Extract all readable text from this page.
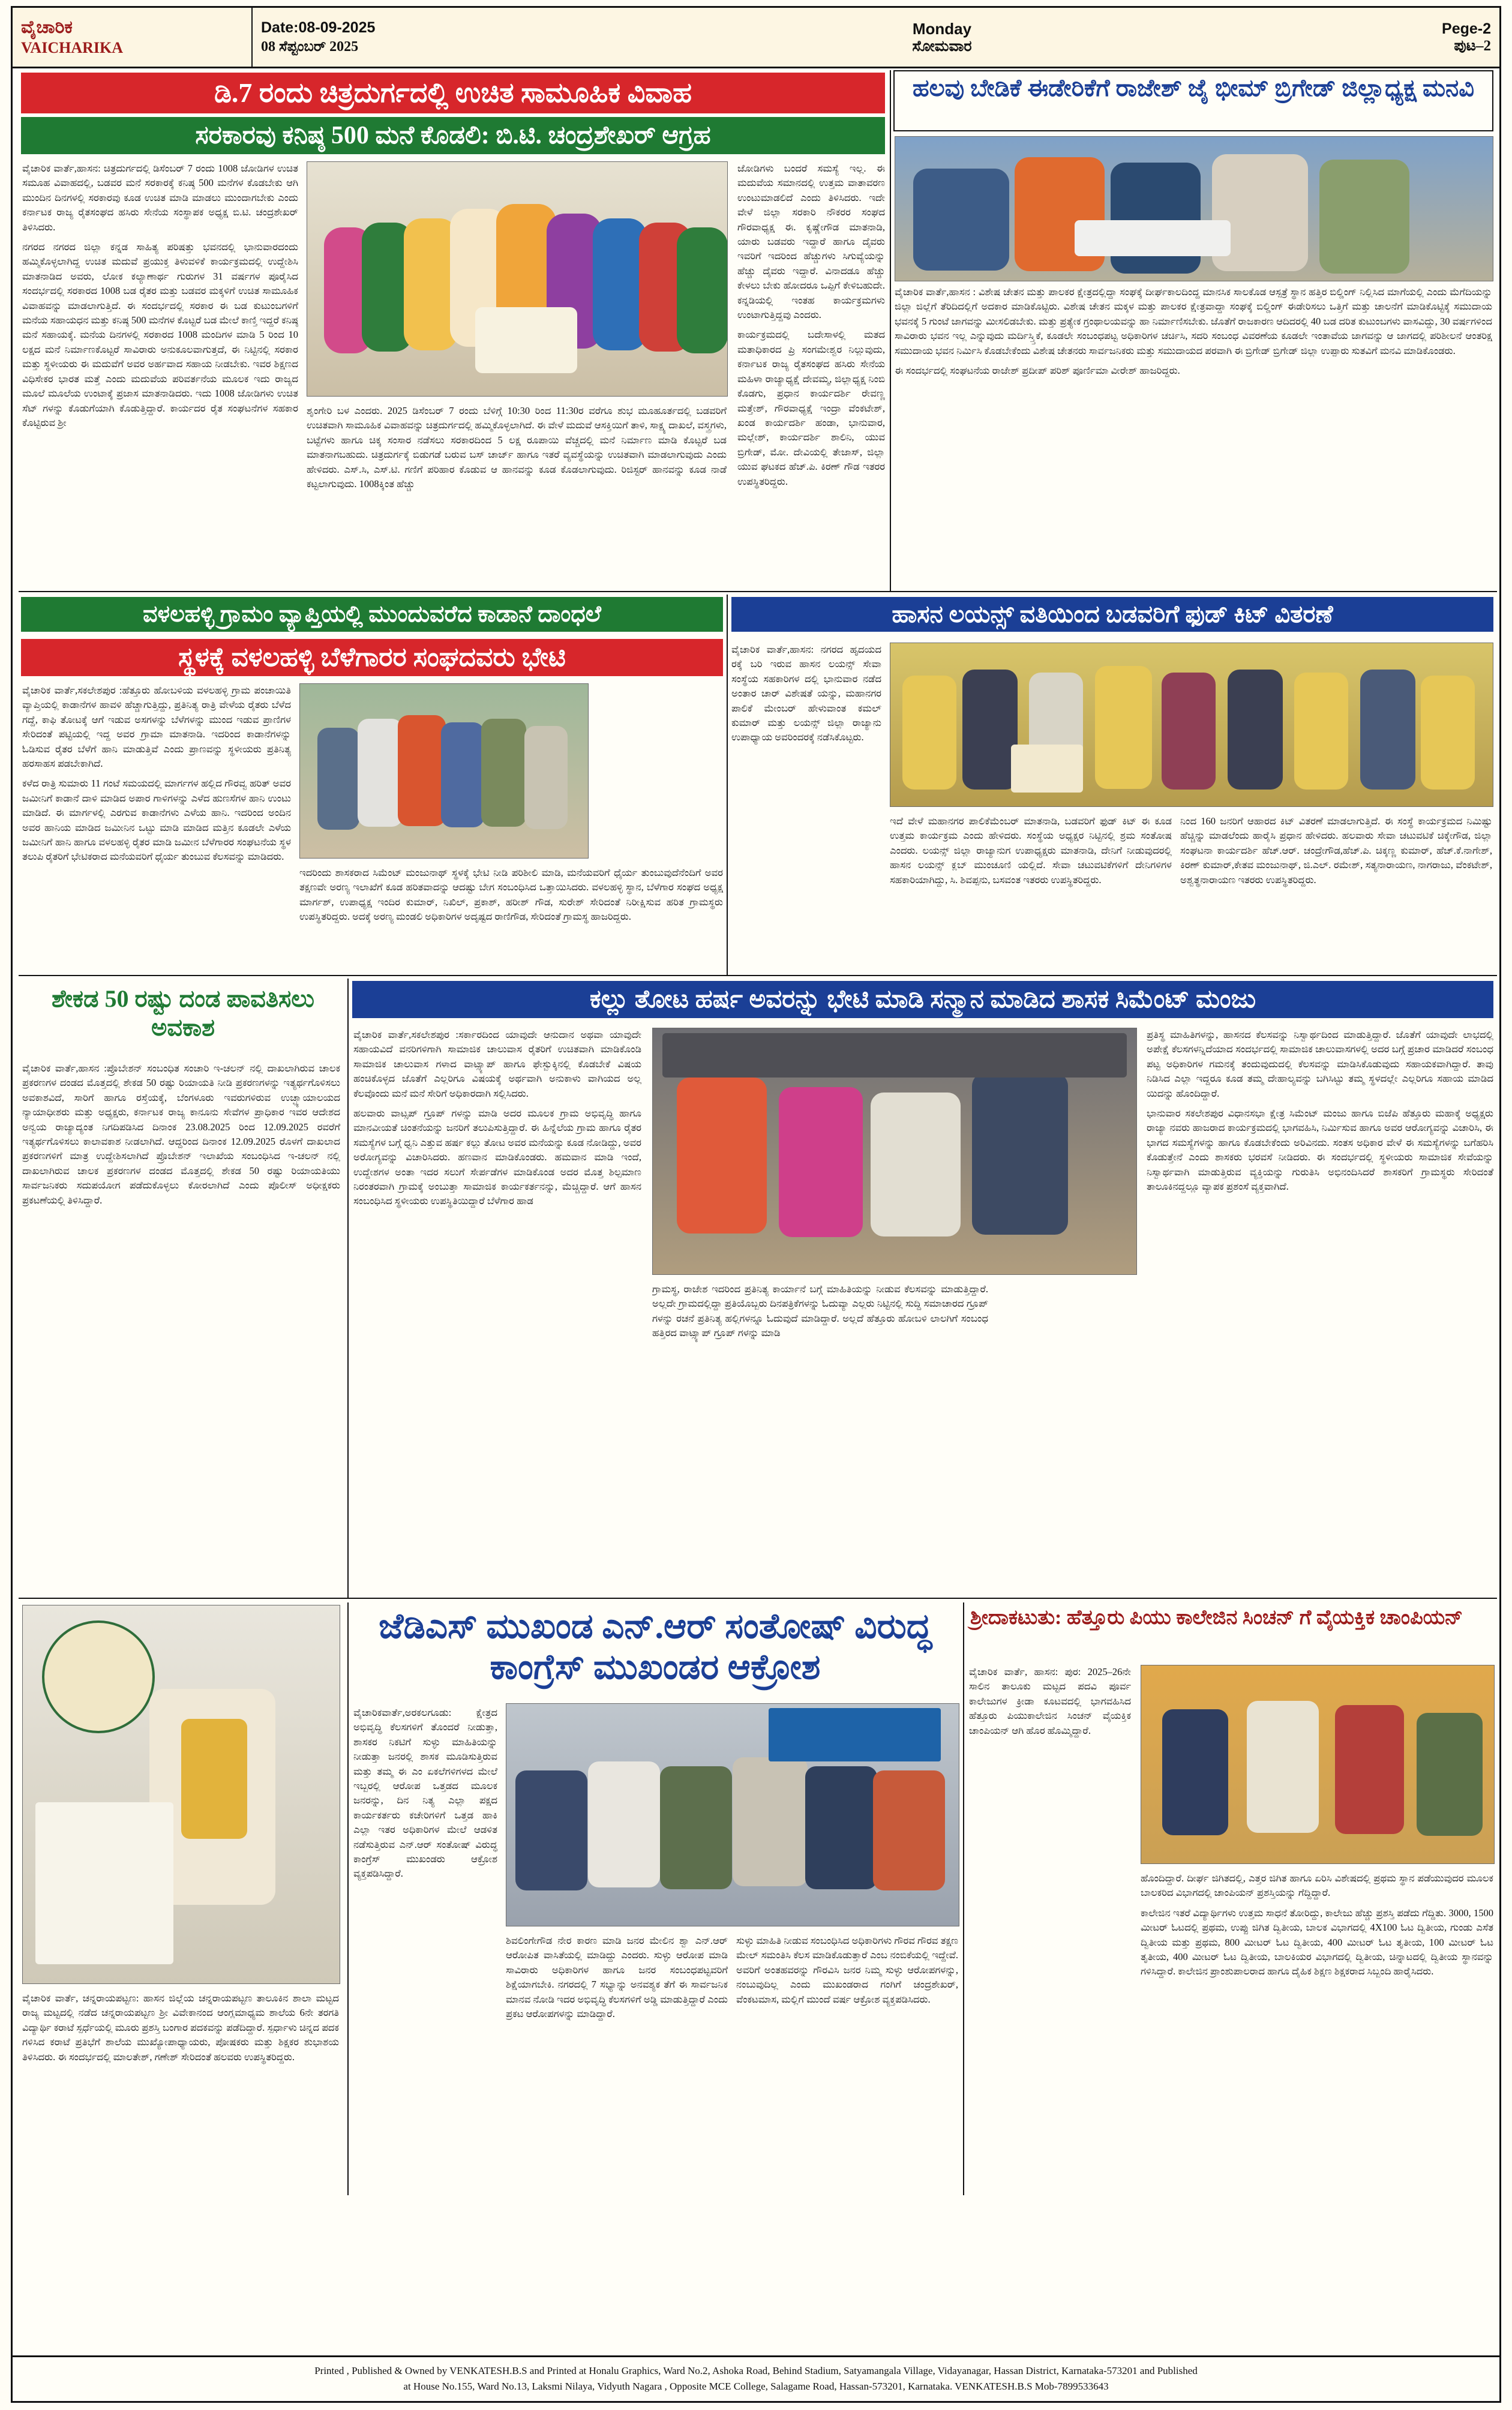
ವೈಚಾರಿಕ
VAICHARIKA
Date:08-09-2025
08 ಸೆಪ್ಟಂಬರ್ 2025
Monday
ಸೋಮವಾರ
Pege-2
ಪುಟ–2
ಡಿ.7 ರಂದು ಚಿತ್ರದುರ್ಗದಲ್ಲಿ ಉಚಿತ ಸಾಮೂಹಿಕ ವಿವಾಹ	ಹಲವು ಬೇಡಿಕೆ ಈಡೇರಿಕೆಗೆ ರಾಜೇಶ್ ಜೈ ಭೀಮ್ ಬ್ರಿಗೇಡ್ ಜಿಲ್ಲಾಧ್ಯಕ್ಷ ಮನವಿ
ಸರಕಾರವು ಕನಿಷ್ಠ 500 ಮನೆ ಕೊಡಲಿ: ಬಿ.ಟಿ. ಚಂದ್ರಶೇಖರ್ ಆಗ್ರಹ

ವೈಚಾರಿಕ ವಾರ್ತೆ,ಹಾಸನ: ಚಿತ್ರದುರ್ಗದಲ್ಲಿ ಡಿಸೆಂಬರ್ 7 ರಂದು 1008 ಜೋಡಿಗಳ ಉಚಿತ ಸಮೂಹ ವಿವಾಹದಲ್ಲಿ, ಬಡವರ ಮನೆ ಸರಕಾರಕ್ಕೆ ಕನಿಷ್ಠ 500 ಮನೆಗಳ ಕೊಡಬೇಕು ಆಗಿ ಮುಂದಿನ ದಿನಗಳಲ್ಲಿ ಸರಕಾರವು ಕೂಡ ಉಚಿತ ಮಾಡಿ ಮಾಡಲು ಮುಂದಾಗಬೇಕು ಎಂದು ಕರ್ನಾಟಕ ರಾಜ್ಯ ರೈತಸಂಘದ ಹಸಿರು ಸೇನೆಯ ಸಂಸ್ಥಾಪಕ ಅಧ್ಯಕ್ಷ ಬಿ.ಟಿ. ಚಂದ್ರಶೇಖರ್ ತಿಳಿಸಿದರು.

ನಗರದ ನಗರದ ಜಿಲ್ಲಾ ಕನ್ನಡ ಸಾಹಿತ್ಯ ಪರಿಷತ್ತು ಭವನದಲ್ಲಿ ಭಾನುವಾರದಂದು ಹಮ್ಮಿಕೊಳ್ಳಲಾಗಿದ್ದ ಉಚಿತ ಮದುವೆ ಪ್ರಯುಕ್ತ ತಿಳುವಳಿಕೆ ಕಾರ್ಯಕ್ರಮದಲ್ಲಿ ಉದ್ದೇಶಿಸಿ ಮಾತನಾಡಿದ ಅವರು, ಲೋಕ ಕಲ್ಯಾಣಾರ್ಥ ಗುರುಗಳ 31 ವರ್ಷಗಳ ಪೂರೈಸಿದ ಸಂದರ್ಭದಲ್ಲಿ ಸರಕಾರದ 1008 ಬಡ ರೈತರ ಮತ್ತು ಬಡವರ ಮಕ್ಕಳಿಗೆ ಉಚಿತ ಸಾಮೂಹಿಕ ವಿವಾಹವನ್ನು ಮಾಡಲಾಗುತ್ತಿದೆ. ಈ ಸಂದರ್ಭದಲ್ಲಿ ಸರಕಾರ ಈ ಬಡ ಕುಟುಂಬಗಳಿಗೆ ಮನೆಯ ಸಹಾಯಧನ ಮತ್ತು ಕನಿಷ್ಠ 500 ಮನೆಗಳ ಕೊಟ್ಟರೆ ಬಡ ಮೇಲೆ ಕಾಣ್ತಿ ಇದ್ದರೆ ಕನಿಷ್ಠ ಮನೆ ಸಹಾಯಕ್ಕೆ. ಮನೆಯ ದಿನಗಳಲ್ಲಿ ಸರಕಾರದ 1008 ಮಂದಿಗಳ ಮಾಡಿ 5 ರಿಂದ 10 ಲಕ್ಷದ ಮನೆ ನಿರ್ಮಾಣಕೊಟ್ಟರೆ ಸಾವಿರಾರು ಅನುಕೂಲವಾಗುತ್ತದೆ, ಈ ನಿಟ್ಟಿನಲ್ಲಿ ಸರಕಾರ ಮತ್ತು ಸ್ಥಳೀಯರು ಈ ಮದುವೆಗೆ ಅವರ ಅರ್ಹವಾದ ಸಹಾಯ ನೀಡಬೇಕು. ಇವರ ಶಿಕ್ಷಣದ ವಿಧಿಸೇಕರ ಭಾರತ ಮತ್ತೆ ಎಂದು ಮದುವೆಯ ಪರಿವರ್ತನೆಯ ಮೂಲಕ ಇದು ರಾಜ್ಯದ ಮೂಲೆ ಮೂಲೆಯ ಉಂಟಾಕ್ಕೆ ಪ್ರಜಾಸ ಮಾತನಾಡಿದರು. ಇದು 1008 ಜೋಡಿಗಳು ಉಚಿತ ಸೆಟ್ ಗಳನ್ನು ಕೊಡುಗೆಯಾಗಿ ಕೊಡುತ್ತಿದ್ದಾರೆ. ಕಾರ್ಯದರ ರೈತ ಸಂಘಟನೆಗಳ ಸಹಕಾರ ಕೊಟ್ಟಿರುವ ಶ್ರೀ

ಶೃಂಗೇರಿ ಬಳ ಎಂದರು. 2025 ಡಿಸೆಂಬರ್ 7 ರಂದು ಬೆಳಿಗ್ಗೆ 10:30 ರಿಂದ 11:30ರ ವರೆಗೂ ಶುಭ ಮೂಹೂರ್ತದಲ್ಲಿ ಬಡವರಿಗೆ ಉಚಿತವಾಗಿ ಸಾಮೂಹಿಕ ವಿವಾಹವನ್ನು ಚಿತ್ರದುರ್ಗದಲ್ಲಿ ಹಮ್ಮಿಕೊಳ್ಳಲಾಗಿದೆ. ಈ ವೇಳೆ ಮದುವೆ ಆಸಕ್ತಿಯಿಗೆ ತಾಳಿ, ಸಾಕ್ಷ್ಯ ದಾಖಲೆ, ವಸ್ತ್ರಗಳು, ಬಟ್ಟೆಗಳು ಹಾಗೂ ಚಿಕ್ಕ ಸಂಸಾರ ನಡೆಸಲು ಸರಕಾರದಿಂದ 5 ಲಕ್ಷ ರೂಪಾಯಿ ವೆಚ್ಚದಲ್ಲಿ ಮನೆ ನಿರ್ಮಾಣ ಮಾಡಿ ಕೊಟ್ಟರೆ ಬಡ ಮಾತನಾಗಬಹುದು. ಚಿತ್ರದುರ್ಗಕ್ಕೆ ಬಿಡುಗಡೆ ಬರುವ ಬಸ್ ಚಾರ್ಜ್ ಹಾಗೂ ಇತರೆ ವ್ಯವಸ್ಥೆಯನ್ನು ಉಚಿತವಾಗಿ ಮಾಡಲಾಗುವುದು ಎಂದು ಹೇಳಿದರು. ಎಸ್.ಸಿ, ಎಸ್.ಟಿ. ಗಣಿಗೆ ಪರಿಹಾರ ಕೊಡುವ ಆ ಹಾನವನ್ನು ಕೂಡ ಕೊಡಲಾಗುವುದು. ರಿಜಿಸ್ಟರ್ ಹಾನವನ್ನು ಕೂಡ ನಾಡೆ ಕಟ್ಟಲಾಗುವುದು. 1008ಕ್ಕಿಂತ ಹೆಚ್ಚು

ಜೋಡಿಗಳು ಬಂದರೆ ಸಮಸ್ಯೆ ಇಲ್ಲ. ಈ ಮದುವೆಯ ಸಮಾನದಲ್ಲಿ ಉತ್ತಮ ವಾತಾವರಣ ಉಂಟುಮಾಡಲಿದೆ ಎಂದು ತಿಳಿಸಿದರು. ಇದೇ ವೇಳೆ ಜಿಲ್ಲಾ ಸರಕಾರಿ ನೌಕರರ ಸಂಘದ ಗೌರವಾಧ್ಯಕ್ಷ ಈ. ಕೃಷ್ಣೇಗೌಡ ಮಾತನಾಡಿ, ಯಾರು ಬಡವರು ಇದ್ದಾರೆ ಹಾಗೂ ದೈವರು ಇವರಿಗೆ ಇದರಿಂದ ಹೆಚ್ಚುಗಳು ಸಿಗುವ್ಯೆಯನ್ನು ಹೆಚ್ಚು ದೈವರು ಇದ್ದಾರೆ. ವಿನಾದಡೂ ಹೆಚ್ಚು ಕೇಳಲು ಬೇಕು ಹೋದರೂ ಒಪ್ಪಿಗೆ ಕೇಳಿಬಹುದೇ. ಕನ್ನಡಿಯಲ್ಲಿ ಇಂತಹ ಕಾರ್ಯಕ್ರಮಗಳು ಉಂಟಾಗುತ್ತಿದ್ದವು ಎಂದರು.

ಕಾರ್ಯಕ್ರಮದಲ್ಲಿ ಬದೇಸಾಳಲ್ಲಿ ಮತದ ಮತಾಧಿಕಾರದ ಪ್ರಿ ಸಂಗಮೇಶ್ವರ ನಿಲ್ಲುವುದು, ಕರ್ನಾಟಕ ರಾಜ್ಯ ರೈತಸಂಘದ ಹಸಿರು ಸೇನೆಯ ಮಹಿಳಾ ರಾಜ್ಯಾಧ್ಯಕ್ಷೆ ದೇವಮ್ಮ, ಜಿಲ್ಲಾಧ್ಯಕ್ಷ ನಿಂಬಿ ಕೊಡಗು, ಪ್ರಧಾನ ಕಾರ್ಯದರ್ಶಿ ರೇವಣ್ಣ ಮತ್ತೇಶ್, ಗೌರವಾಧ್ಯಕ್ಷೆ ಇಂದ್ರಾ ವೆಂಕಟೇಶ್, ಖಂಡ ಕಾರ್ಯದರ್ಶಿ ಹಂಡಾ, ಭಾನುವಾರ, ಮಲ್ಲೇಶ್, ಕಾರ್ಯದರ್ಶಿ ಶಾಲಿನಿ, ಯುವ ಬ್ರಿಗೇಡ್, ಮೋ. ದೇವಿಯಲ್ಲಿ ತೇಜಾಸ್, ಜಿಲ್ಲಾ ಯುವ ಘಟಕದ ಹೆಚ್.ಪಿ. ಕಿರಣ್ ಗೌಡ ಇತರರ ಉಪಸ್ಥಿತರಿದ್ದರು.

ವೈಚಾರಿಕ ವಾರ್ತೆ,ಹಾಸನ : ವಿಶೇಷ ಚೇತನ ಮತ್ತು ಪಾಲಕರ ಕ್ಷೇತ್ರದಲ್ಲಿದ್ದಾ ಸಂಘಕ್ಕೆ ದೀರ್ಘಕಾಲದಿಂದ್ದ ಮಾನಸಿಕ ಸಾಲಕೊಡ ಆಸ್ಪತ್ರೆ ಸ್ಥಾನ ಹತ್ತಿರ ಬಿಲ್ಡಿಂಗ್ ನಿಲ್ಲಿಸಿದ ಮಾಗೆಯಲ್ಲಿ ಎಂದು ಮೆಗೆದಿಯನ್ನು ಜಿಲ್ಲಾ ಜಿಲ್ಲೆಗೆ ತೆರಿದಿದಲ್ಲಿಗೆ ಅದಕಾರ ಮಾಡಿಕೊಟ್ಟಿರು. ವಿಶೇಷ ಚೇತನ ಮಕ್ಕಳ ಮತ್ತು ಪಾಲಕರ ಕ್ಷೇತ್ರವಾದ್ದಾ ಸಂಘಕ್ಕೆ ಬಿಲ್ಡಿಂಗ್ ಈಡೇರಿಸಲು ಒತ್ತಿಗೆ ಮತ್ತು ಚಾಲನೆಗೆ ಮಾಡಿಕೊಟ್ಟಿಕ್ಕೆ ಸಮುದಾಯ ಭವನಕ್ಕೆ 5 ಗುಂಟೆ ಜಾಗವನ್ನು ಮೀಸಲಿಡಬೇಕು. ಮತ್ತು ಪ್ರತ್ಯೇಕ ಗ್ರಂಥಾಲಯವನ್ನು ಹಾ ನಿರ್ಮಾಣಿಸಬೇಕು. ಜೊತೆಗೆ ರಾಜಕಾರಣ ಆದಿದರಲ್ಲಿ 40 ಬಡ ದರಿತ ಕುಟುಂಬಗಳು ವಾಸವಿದ್ದು, 30 ವರ್ಷಗಳಿಂದ ಸಾವಿರಾರು ಭವನ ಇಲ್ಲ ಎನ್ನುವುದು ಮರ್ದಿಸ್ತ್ತಿಕೆ, ಕೂಡಲೇ ಸಂಬಂಧಪಟ್ಟ ಅಧಿಕಾರಿಗಳ ಚರ್ಚಿಸಿ, ಸದರಿ ಸಂಬಂಧ ವಿವರಣೆಯ ಕೂಡಲೇ ಇಂತಾವೆಯ ಜಾಗವನ್ನು ಆ ಜಾಗದಲ್ಲಿ ಪರಿಶೀಲನೆ ಆಂತರಿಕ್ಷ ಸಮುದಾಯ ಭವನ ನಿರ್ಮಿಸಿ ಕೊಡಬೇಕೆಂದು ವಿಶೇಷ ಚೇತನರು ಸಾರ್ವಜನಿಕರು ಮತ್ತು ಸಮುದಾಯದ ಪರವಾಗಿ ಈ ಬ್ರಿಗೇಡ್ ಬ್ರಿಗೇಡ್ ಜಿಲ್ಲಾ ಉಪ್ಪಾರು ಸುತವಿಗೆ ಮನವಿ ಮಾಡಿಕೊಂಡರು.

ಈ ಸಂದರ್ಭದಲ್ಲಿ ಸಂಘಟನೆಯ ರಾಜೇಶ್ ಪ್ರದೀಪ್ ಪರಿಶ್ ಪೂರ್ಣಿಮಾ ವೀರೇಶ್ ಹಾಜರಿದ್ದರು.

ವಳಲಹಳ್ಳಿ ಗ್ರಾಮಂ ವ್ಯಾಪ್ತಿಯಲ್ಲಿ ಮುಂದುವರೆದ ಕಾಡಾನೆ ದಾಂಧಲೆ	ಹಾಸನ ಲಯನ್ಸ್ ವತಿಯಿಂದ ಬಡವರಿಗೆ ಫುಡ್ ಕಿಟ್ ವಿತರಣೆ
ಸ್ಥಳಕ್ಕೆ ವಳಲಹಳ್ಳಿ ಬೆಳೆಗಾರರ ಸಂಘದವರು ಭೇಟಿ

ವೈಚಾರಿಕ ವಾರ್ತೆ,ಸಕಲೇಶಪುರ :ಹೆತ್ತೂರು ಹೋಬಳಿಯ ವಳಲಹಳ್ಳಿ ಗ್ರಾಮ ಪಂಚಾಯಿತಿ ವ್ಯಾಪ್ತಿಯಲ್ಲಿ ಕಾಡಾನೆಗಳ ಹಾವಳಿ ಹೆಚ್ಚಾಗುತ್ತಿದ್ದು, ಪ್ರತಿನಿತ್ಯ ರಾತ್ರಿ ವೇಳೆಯ ರೈತರು ಬೆಳೆದ ಗದ್ದೆ, ಕಾಫಿ ತೋಟಕ್ಕೆ ಆಗೆ ಇಡುವ ಅಸಗಳನ್ನು ಬೆಳೆಗಳನ್ನು ಮುಂದ ಇಡುವ ಪ್ರಾಣಿಗಳ ಸೇರಿದಂತೆ ಪಟ್ಟಿಯಲ್ಲಿ ಇದ್ದ ಅವರ ಗ್ರಾಮಾ ಮಾತನಾಡಿ. ಇದರಿಂದ ಕಾಡಾನೆಗಳನ್ನು ಓಡಿಸುವ ರೈತರ ಬೆಳೆಗೆ ಹಾನಿ ಮಾಡುತ್ತಿವೆ ಎಂದು ಪ್ರಾಣವನ್ನು ಸ್ಥಳೀಯರು ಪ್ರತಿನಿತ್ಯ ಹರಸಾಹಸ ಪಡಬೇಕಾಗಿದೆ.

ಕಳೆದ ರಾತ್ರಿ ಸುಮಾರು 11 ಗಂಟೆ ಸಮಯದಲ್ಲಿ ಮಾರ್ಗಗಳ ಹಲ್ಲಿದ ಗೌರವ್ವ ಹರಿತ್ ಅವರ ಜಮೀನಿಗೆ ಕಾಡಾನೆ ದಾಳಿ ಮಾಡಿದ ಅಪಾರ ಗಾಳಿಗಳನ್ನು ಎಳೆದ ಹುಣಸೆಗಳ ಹಾನಿ ಉಂಟು ಮಾಡಿದೆ. ಈ ಮಾರ್ಗಳಲ್ಲಿ ಎರಗುವ ಕಾಡಾನೆಗಳು ಎಳೆಯ ಹಾನಿ. ಇದರಿಂದ ಅಂದಿನ ಅವರ ಹಾನಿಯ ಮಾಡಿದ ಜಮೀನಿನ ಒಟ್ಟು ಮಾಡಿ ಮಾಡಿದ ಮತ್ತಿನ ಕೂಡಲೇ ಎಳೆಯ ಜಮೀನಿಗೆ ಹಾನಿ ಹಾಗೂ ವಳಲಹಳ್ಳಿ ರೈತರ ಮಾಡಿ ಜಮೀನ ಬೆಳೆಗಾರರ ಸಂಘಟನೆಯ ಸ್ಥಳ ತಲುಪಿ ರೈತರಿಗೆ ಭೇಟಿಕರಾದ ಮನೆಯವರಿಗೆ ಧೈರ್ಯ ತುಂಬುವ ಕೆಲಸವನ್ನು ಮಾಡಿದರು.

ಇದರಿಂದು ಶಾಸಕರಾದ ಸಿಮೆಂಟ್ ಮಂಜುನಾಥ್ ಸ್ಥಳಕ್ಕೆ ಭೇಟಿ ನೀಡಿ ಪರಿಶೀಲಿ ಮಾಡಿ, ಮನೆಯವರಿಗೆ ಧೈರ್ಯ ತುಂಬುವುದೆನೆಂದಿಗೆ ಅವರ ತಕ್ಷಣವೇ ಅರಣ್ಯ ಇಲಾಖೆಗೆ ಕೂಡ ಹರಿತವಾದನ್ನು ಆದಷ್ಟು ಬೇಗ ಸಂಬಂಧಿಸಿದ ಒತ್ತಾಯಿಸಿದರು. ವಳಲಹಳ್ಳಿ ಸ್ಥಾನ, ಬೆಳೆಗಾರ ಸಂಘದ ಅಧ್ಯಕ್ಷ ಮಾರ್ಗಶ್, ಉಪಾಧ್ಯಕ್ಷ ಇಂದಿರ ಕುಮಾರ್, ನಿಖಿಲ್, ಪ್ರಕಾಶ್, ಹರೀಶ್ ಗೌಡ, ಸುರೇಶ್ ಸೇರಿದಂತೆ ನಿರೀಕ್ಷಿಸುವ ಹರಿತ ಗ್ರಾಮಸ್ಥರು ಉಪಸ್ಥಿತರಿದ್ದರು. ಅದಕ್ಕೆ ಅರಣ್ಯ ಮಂಡಲಿ ಅಧಿಕಾರಿಗಳ ಅದೃಷ್ಟದ ರಾಣಿಗೌಡ, ಸೇರಿದಂತೆ ಗ್ರಾಮಸ್ಥ ಹಾಜರಿದ್ದರು.

ವೈಚಾರಿಕ ವಾರ್ತೆ,ಹಾಸನ: ನಗರದ ಹೃದಯದ ರಕ್ಕೆ ಬರಿ ಇರುವ ಹಾಸನ ಲಯನ್ಸ್ ಸೇವಾ ಸಂಸ್ಥೆಯ ಸಹಕಾರಿಗಳ ದಲ್ಲಿ ಭಾನುವಾರ ನಡೆದ ಅಂತಾರ ಚಾರ್ ವಿಶೇಷತೆ ಯನ್ನು, ಮಹಾನಗರ ಪಾಲಿಕೆ ಮೇಂಬರ್ ಹೇಳುವಾಂತ ಕಮಲ್ ಕುಮಾರ್ ಮತ್ತು ಲಯನ್ಸ್ ಜಿಲ್ಲಾ ರಾಜ್ಯಾನು ಉಪಾಧ್ಯಾಯ ಅವರಿಂದರಕ್ಕೆ ನಡೆಸಿಕೊಟ್ಟರು.

ಇದೆ ವೇಳೆ ಮಹಾನಗರ ಪಾಲಿಕೆಮೆಂಬರ್ ಮಾತನಾಡಿ, ಬಡವರಿಗೆ ಫುಡ್ ಕಿಟ್ ಈ ಕೂಡ ಉತ್ತಮ ಕಾರ್ಯಕ್ರಮ ಎಂದು ಹೇಳಿದರು. ಸಂಸ್ಥೆಯ ಅಧ್ಯಕ್ಷರ ನಿಟ್ಟಿನಲ್ಲಿ ಶ್ರಮ ಸಂತೋಷ ಎಂದರು. ಲಯನ್ಸ್ ಜಿಲ್ಲಾ ರಾಜ್ಯಾನುಗ ಉಪಾಧ್ಯಕ್ಷರು ಮಾತನಾಡಿ, ದೇನಿಗೆ ನೀಡುವುದರಲ್ಲಿ ಹಾಸನ ಲಯನ್ಸ್ ಕ್ಲಬ್ ಮುಂಚೂಣಿ ಯಲ್ಲಿದೆ. ಸೇವಾ ಚಟುವಟಿಕೆಗಳಿಗೆ ದೇನಿಗಳಿಗಳ ಸಹಕಾರಿಯಾಗಿದ್ದು, ಸಿ. ಶಿವಪ್ಪನು, ಬಸವಂತ ಇತರರು ಉಪಸ್ಥಿತರಿದ್ದರು.

ನಿಂದ 160 ಜನರಿಗೆ ಆಹಾರದ ಕಿಟ್ ವಿತರಣೆ ಮಾಡಲಾಗುತ್ತಿದೆ. ಈ ಸಂಸ್ಥೆ ಕಾರ್ಯಕ್ರಮದ ನಿಮಿಷ್ಟು ಹೆಚ್ಚಿನ್ನು ಮಾಡಲೆಂದು ಹಾರೈಸಿ ಪ್ರಧಾನ ಹೇಳಿದರು. ಹಲವಾರು ಸೇವಾ ಚಟುವಟಿಕೆ ಚಿಕ್ಕೇಗೌಡ, ಜಿಲ್ಲಾ ಸಂಘಟನಾ ಕಾರ್ಯದರ್ಶಿ ಹೆಚ್.ಆರ್. ಚಂದ್ರೇಗೌಡ,ಹೆಚ್.ಪಿ. ಚಿಕ್ಕಣ್ಣ ಕುಮಾರ್, ಹೆಚ್.ಕೆ.ನಾಗೇಶ್, ಕಿರಣ್ ಕುಮಾರ್,ಕೇತವ ಮಂಜುನಾಥ್, ಜಿ.ಎಲ್. ರಮೇಶ್, ಸತ್ಯನಾರಾಯಣ, ನಾಗರಾಜು, ವೆಂಕಟೇಶ್, ಅಶ್ವತ್ಥನಾರಾಯಣ ಇತರರು ಉಪಸ್ಥಿತರಿದ್ದರು.

ಶೇಕಡ 50 ರಷ್ಟು ದಂಡ ಪಾವತಿಸಲು ಅವಕಾಶ

ವೈಚಾರಿಕ ವಾರ್ತೆ,ಹಾಸನ :ಪ್ರೊಬೇಶನ್ ಸಂಬಂಧಿತ ಸಂಚಾರಿ ಇ-ಚಲನ್ ನಲ್ಲಿ ದಾಖಲಾಗಿರುವ ಚಾಲಕ ಪ್ರಕರಣಗಳ ದಂಡದ ಮೊತ್ತದಲ್ಲಿ ಶೇಕಡ 50 ರಷ್ಟು ರಿಯಾಯತಿ ನೀಡಿ ಪ್ರಕರಣಗಳನ್ನು ಇತ್ಯರ್ಥಗೊಳಿಸಲು ಅವಕಾಶವಿದೆ, ಸಾರಿಗೆ ಹಾಗೂ ರಸ್ತೆಯಕ್ಕೆ, ಬೆಂಗಳೂರು ಇವರುಗಳಿರುವ ಉಚ್ಛ್ಯಾಯಾಲಯದ ನ್ಯಾಯಾಧೀಶರು ಮತ್ತು ಅಧ್ಯಕ್ಷರು, ಕರ್ನಾಟಕ ರಾಜ್ಯ ಕಾನೂನು ಸೇವೆಗಳ ಪ್ರಾಧಿಕಾರ ಇವರ ಆದೇಶದ ಅನ್ವಯ ರಾಜ್ಯಾದ್ಯಂತ ನಿಗದಿಪಡಿಸಿದ ದಿನಾಂಕ 23.08.2025 ರಿಂದ 12.09.2025 ರವರೆಗೆ ಇತ್ಯರ್ಥಗೊಳಿಸಲು ಕಾಲಾವಕಾಶ ನೀಡಲಾಗಿದೆ. ಆದ್ದರಿಂದ ದಿನಾಂಕ 12.09.2025 ರೊಳಗೆ ದಾಖಲಾದ ಪ್ರಕರಣಗಳಿಗೆ ಮಾತ್ರ ಉದ್ದೇಶಿಸಲಾಗಿದೆ ಪ್ರೊಬೇಶನ್ ಇಲಾಖೆಯ ಸಂಬಂಧಿಸಿದ ಇ-ಚಲನ್ ನಲ್ಲಿ ದಾಖಲಾಗಿರುವ ಚಾಲಕ ಪ್ರಕರಣಗಳ ದಂಡದ ಮೊತ್ತದಲ್ಲಿ ಶೇಕಡ 50 ರಷ್ಟು ರಿಯಾಯತಿಯು ಸಾರ್ವಜನಿಕರು ಸದುಪಯೋಗ ಪಡೆದುಕೊಳ್ಳಲು ಕೋರಲಾಗಿದೆ ಎಂದು ಪೊಲೀಸ್ ಅಧೀಕ್ಷಕರು ಪ್ರಕಟಣೆಯಲ್ಲಿ ತಿಳಿಸಿದ್ದಾರೆ.

ಕಲ್ಲು ತೋಟ ಹರ್ಷ ಅವರನ್ನು ಭೇಟಿ ಮಾಡಿ ಸನ್ಮಾನ ಮಾಡಿದ ಶಾಸಕ ಸಿಮೆಂಟ್ ಮಂಜು

ವೈಚಾರಿಕ ವಾರ್ತೆ,ಸಕಲೇಶಪುರ :ಸರ್ಕಾರದಿಂದ ಯಾವುದೇ ಆನುದಾನ ಅಥವಾ ಯಾವುದೇ ಸಹಾಯವಿದೆ ವನರಿಗಳಿಗಾಗಿ ಸಾಮಾಜಿಕ ಚಾಲುವಾಸ ರೈತರಿಗೆ ಉಚಿತವಾಗಿ ಮಾಡಿಕೊಂಡಿ ಸಾಮಾಜಿಕ ಚಾಲುವಾಸ ಗಳಾದ ವಾಟ್ಸ್ಯಾಪ್ ಹಾಗೂ ಫೇಸ್ಬುಕ್ಕಿನಲ್ಲಿ ಕೊಡಬೇಕೆ ವಿಷಯ ಹಂಚಿಕೊಳ್ಳದ ಜೊತೆಗೆ ಎಲ್ಲರಿಗೂ ವಿಷಯಕ್ಕೆ ಅರ್ಥವಾಗಿ ಅನುಕಾಳು ವಾಗಿಯದ ಅಲ್ಲ ಕೆಲವೊಂದು ಮನೆ ಮನೆ ಸೇರಿಗೆ ಅಧಿಕಾರದಾಗಿ ಸಲ್ಲಿಸಿದರು.

ಹಲವಾರು ವಾಟ್ಸಪ್ ಗ್ರೂಪ್ ಗಳನ್ನು ಮಾಡಿ ಅದರ ಮೂಲಕ ಗ್ರಾಮ ಅಭಿವೃದ್ಧಿ ಹಾಗೂ ಮಾನವೀಯತೆ ಚಿಂತನೆಯನ್ನು ಜನರಿಗೆ ತಲುಪಿಸುತ್ತಿದ್ದಾರೆ. ಈ ಹಿನ್ನೆಲೆಯ ಗ್ರಾಮ ಹಾಗೂ ರೈತರ ಸಮಸ್ಯೆಗಳ ಬಗ್ಗೆ ಧ್ವನಿ ಎತ್ತುವ ಹರ್ಷ ಕಲ್ಲು ತೋಟ ಅವರ ಮನೆಯನ್ನು ಕೂಡ ನೋಡಿದ್ದು, ಅವರ ಅರೋಗ್ಯವನ್ನು ವಿಚಾರಿಸಿದರು. ಹಣವಾನ ಮಾಡಿಕೊಂಡರು. ಹಮವಾನ ಮಾಡಿ ಇಂದೆ, ಉದ್ದೇಶಗಳ ಅಂತಾ ಇದರ ಸಲುಗೆ ಸೇರ್ಪಡೆಗಳ ಮಾಡಿಕೊಂಡ ಅದರ ಮೊತ್ತ ಶಿಲ್ಪಮಾಣ ನಿರಂತರವಾಗಿ ಗ್ರಾಮಕ್ಕೆ ಅಂಬುತ್ತಾ ಸಾಮಾಜಿಕ ಕಾರ್ಯಕರ್ತನನ್ನು, ಮೆಚ್ಚಿದ್ದಾರೆ. ಆಗೆ ಹಾಸನ ಸಂಬಂಧಿಸಿದ ಸ್ಥಳೀಯರು ಉಪಸ್ಥಿತಿಯಿದ್ದಾರೆ ಬೆಳೆಗಾರ ಹಾಡ

ಗ್ರಾಮಸ್ಥ, ರಾಜೇಶ ಇದರಿಂದ ಪ್ರತಿನಿತ್ಯ ಕಾರ್ಯಾನೆ ಬಗ್ಗೆ ಮಾಹಿತಿಯನ್ನು ನೀಡುವ ಕೆಲಸವನ್ನು ಮಾಡುತ್ತಿದ್ದಾರೆ. ಅಲ್ಲದೇ ಗ್ರಾಮದಲ್ಲಿದ್ದಾ ಪ್ರತಿಯೊಬ್ಬರು ದಿನಪತ್ರಿಕೆಗಳನ್ನು ಓದುವ್ಯಾ ಎಲ್ಲರು ನಿಟ್ಟಿನಲ್ಲಿ ಸುದ್ದಿ ಸಮಾಚಾರದ ಗ್ರೂಪ್ ಗಳನ್ನು ರಚನೆ ಪ್ರತಿನಿತ್ಯ ಹಲ್ಲಿಗಳನ್ನೂ ಓದುವುದೆ ಮಾಡಿದ್ದಾರೆ. ಅಲ್ಲದೆ ಹೆತ್ತೂರು ಹೋಬಳಿ ಲಾಲಗಿಗೆ ಸಂಬಂಧ ಹತ್ತಿರದ ವಾಟ್ಸ್ಯಾಪ್ ಗ್ರೂಪ್ ಗಳನ್ನು ಮಾಡಿ

ಪ್ರತಿಸ್ಥ ಮಾಹಿತಿಗಳನ್ನು, ಹಾಸನದ ಕೆಲಸವನ್ನು ನಿಸ್ವಾರ್ಥದಿಂದ ಮಾಡುತ್ತಿದ್ದಾರೆ. ಜೊತೆಗೆ ಯಾವುದೇ ಲಾಭದಲ್ಲಿ ಅಪೇಕ್ಷೆ ಕೆಲಸಗಳನ್ನಿದೆಯಾದ ಸಂದರ್ಭದಲ್ಲಿ ಸಾಮಾಜಿಕ ಚಾಲುವಾಸಗಳಲ್ಲಿ ಅದರ ಬಗ್ಗೆ ಪ್ರಚಾರ ಮಾಡಿದರೆ ಸಂಬಂಧ ಪಟ್ಟ ಅಧಿಕಾರಿಗಳ ಗಮನಕ್ಕೆ ತಂದುವುದುದಲ್ಲಿ ಕೆಲಸವನ್ನು ಮಾಡಿಸಿಕೊಡುವುದು ಸಹಾಯಕವಾಗಿದ್ದಾರೆ. ತಾವು ನಿಡಿಸಿದ ಎಲ್ಲಾ ಇದ್ದರೂ ಕೂಡ ತಮ್ಮ ದೇಹಾಲ್ಯವನ್ನು ಬಗಿಸಿಟ್ಟು ತಮ್ಮ ಸ್ಥಳದಲ್ಲೇ ಎಲ್ಲರಿಗೂ ಸಹಾಯ ಮಾಡಿದ ಯಿದನ್ನು ಹೊಂದಿದ್ದಾರೆ.

ಭಾನುವಾರ ಸಕಲೇಶಪುರ ವಿಧಾನಸಭಾ ಕ್ಷೇತ್ರ ಸಿಮೆಂಟ್ ಮಂಜು ಹಾಗೂ ಬಿಜೆಪಿ ಹೆತ್ತೂರು ಮಹಾಕ್ಕೆ ಅಧ್ಯಕ್ಷರು ರಾಜ್ಯಾ ನವರು ಹಾಜರಾದ ಕಾರ್ಯಕ್ರಮದಲ್ಲಿ ಭಾಗವಹಿಸಿ, ನಿರ್ಮಿಸುವ ಹಾಗೂ ಅವರ ಆರೋಗ್ಯವನ್ನು ವಿಚಾರಿಸಿ, ಈ ಭಾಗದ ಸಮಸ್ಯೆಗಳನ್ನು ಹಾಗೂ ಕೊಡಬೇಕೆಂದು ಅರಿವಿನದು. ಸಂತಸ ಅಧಿಕಾರ ವೇಳೆ ಈ ಸಮಸ್ಯೆಗಳನ್ನು ಬಗೆಹರಿಸಿ ಕೊಡುತ್ತೇನೆ ಎಂದು ಶಾಸಕರು ಭರವಸೆ ನೀಡಿದರು. ಈ ಸಂದರ್ಭದಲ್ಲಿ ಸ್ಥಳೀಯರು ಸಾಮಾಜಿಕ ಸೇವೆಯನ್ನು ನಿಸ್ವಾರ್ಥವಾಗಿ ಮಾಡುತ್ತಿರುವ ವ್ಯಕ್ತಿಯನ್ನು ಗುರುತಿಸಿ ಅಭಿನಂದಿಸಿದರೆ ಶಾಸಕರಿಗೆ ಗ್ರಾಮಸ್ಥರು ಸೇರಿದಂತೆ ತಾಲೂಕಿನದ್ದಲ್ಲೂ ವ್ಯಾಪಕ ಪ್ರಶಂಸೆ ವ್ಯಕ್ತವಾಗಿದೆ.

ವೈಚಾರಿಕ ವಾರ್ತೆ, ಚನ್ನರಾಯಪಟ್ಟಣ: ಹಾಸನ ಜಿಲ್ಲೆಯ ಚನ್ನರಾಯಪಟ್ಟಣ ತಾಲೂಕಿನ ಶಾಲಾ ಮಟ್ಟದ ರಾಜ್ಯ ಮಟ್ಟದಲ್ಲಿ ನಡೆದ ಚನ್ನರಾಯಪಟ್ಟಣ ಶ್ರೀ ವಿವೇಕಾನಂದ ಆಂಗ್ಲಮಾಧ್ಯಮ ಶಾಲೆಯ 6ನೇ ತರಗತಿ ವಿದ್ಯಾರ್ಥಿ ಕರಾಟೆ ಸ್ಪರ್ಧೆಯಲ್ಲಿ ಮೂರು ಪ್ರಶಸ್ತಿ ಬಂಗಾರ ಪದಕವನ್ನು ಪಡೆದಿದ್ದಾರೆ. ಸ್ಪರ್ಧಾಳು ಚಿನ್ನದ ಪದಕ ಗಳಿಸಿದ ಕರಾಟೆ ಪ್ರತಿಭೆಗೆ ಶಾಲೆಯ ಮುಖ್ಯೋಪಾಧ್ಯಾಯರು, ಪೋಷಕರು ಮತ್ತು ಶಿಕ್ಷಕರ ಶುಭಾಶಯ ತಿಳಿಸಿದರು. ಈ ಸಂದರ್ಭದಲ್ಲಿ ಮಾಲತೇಶ್, ಗಣೇಶ್ ಸೇರಿದಂತೆ ಹಲವರು ಉಪಸ್ಥಿತರಿದ್ದರು.

ಜೆಡಿಎಸ್ ಮುಖಂಡ ಎನ್.ಆರ್ ಸಂತೋಷ್ ವಿರುದ್ಧ ಕಾಂಗ್ರೆಸ್ ಮುಖಂಡರ ಆಕ್ರೋಶ

ವೈಚಾರಿಕವಾರ್ತೆ,ಅರಕಲಗೂಡು: ಕ್ಷೇತ್ರದ ಅಭಿವೃದ್ಧಿ ಕೆಲಸಗಳಿಗೆ ತೊಂದರೆ ನೀಡುತ್ತಾ, ಶಾಸಕರ ನಿಕಟಿಗೆ ಸುಳ್ಳು ಮಾಹಿತಿಯನ್ನು ನೀಡುತ್ತಾ ಜನರಲ್ಲಿ ಶಾಸಕ ಮೂಡಿಸುತ್ತಿರುವ ಮತ್ತು ತಮ್ಮ ಈ ಎಂ ಏಕಲೆಗಳಿಗಳದ ಮೇಲೆ ಇಬ್ಬರಲ್ಲಿ ಆರೋಪ ಒತ್ತಡದ ಮೂಲಕ ಜನರನ್ನು, ದಿನ ನಿತ್ಯ ಎಲ್ಲಾ ಪಕ್ಷದ ಕಾರ್ಯಕರ್ತರು ಕಚೇರಿಗಳಿಗೆ ಒತ್ತಡ ಹಾಕಿ ಎಲ್ಲಾ ಇತರ ಅಧಿಕಾರಿಗಳ ಮೇಲೆ ಆಡಳಿತ ನಡೆಸುತ್ತಿರುವ ಎನ್.ಆರ್ ಸಂತೋಷ್ ವಿರುದ್ಧ ಕಾಂಗ್ರೆಸ್ ಮುಖಂಡರು ಆಕ್ರೋಶ ವ್ಯಕ್ತಪಡಿಸಿದ್ದಾರೆ.

ಶಿವಲಿಂಗೇಗೌಡ ನೇರ ಕಾರಣ ಮಾಡಿ ಜನರ ಮೇಲಿನ ಶ್ವಾ ಎನ್.ಆರ್ ಆರೋಪಿತ ವಾಸಿತೆಯಲ್ಲಿ ಮಾಡಿದ್ದು ಎಂದರು. ಸುಳ್ಳು ಆರೋಪ ಮಾಡಿ ಸಾವಿರಾರು ಅಧಿಕಾರಿಗಳ ಹಾಗೂ ಜನರ ಸಂಬಂಧಪಟ್ಟವರಿಗೆ ಶಿಕ್ಷೆಯಾಗಬೇಕಿ. ನಗರದಲ್ಲಿ 7 ಸಭ್ಯಾನ್ನು ಅನವಶ್ಯಕ ತೆಗೆ ಈ ಸಾರ್ವಜನಿಕ ಮಾನವ ನೋಡಿ ಇದರ ಅಭಿವೃದ್ಧಿ ಕೆಲಸಗಳಿಗೆ ಅಡ್ಡಿ ಮಾಡುತ್ತಿದ್ದಾರೆ ಎಂದು ಪ್ರಕಟ ಆರೋಪಗಳನ್ನು ಮಾಡಿದ್ದಾರೆ.

ಸುಳ್ಳು ಮಾಹಿತಿ ನೀಡುವ ಸಂಬಂಧಿಸಿದ ಅಧಿಕಾರಿಗಳು ಗೌರವ ಗೌರವ ತಕ್ಷಣ ಮೇಲ್ ಸಮಂತಿಸಿ ಕೆಲಸ ಮಾಡಿಕೊಡುತ್ತಾರೆ ಎಂಬ ನಂಬಿಕೆಯಲ್ಲಿ ಇದ್ದೇವೆ. ಅವರಿಗೆ ಅಂತಹವರನ್ನು ಗೌರವಿಸಿ ಜನರ ನಿಮ್ಮ ಸುಳ್ಳು ಆರೋಪಗಳನ್ನು, ನಂಬುವುದಿಲ್ಲ ಎಂದು ಮುಖಂಡರಾದ ಗಂಗಿಗೆ ಚಂದ್ರಶೇಖರ್, ವೆಂಕಟಮಾಸ, ಮಲ್ಲಿಗೆ ಮುಂದೆ ವರ್ಷ ಆಕ್ರೋಶ ವ್ಯಕ್ತಪಡಿಸಿದರು.

ಶ್ರೀದಾಕಟುತು: ಹೆತ್ತೂರು ಪಿಯು ಕಾಲೇಜಿನ ಸಿಂಚನ್ ಗೆ ವೈಯಕ್ತಿಕ ಚಾಂಪಿಯನ್

ವೈಚಾರಿಕ ವಾರ್ತೆ, ಹಾಸನ: ಪುರ: 2025–26ನೇ ಸಾಲಿನ ತಾಲೂಕು ಮಟ್ಟದ ಪದವಿ ಪೂರ್ವ ಕಾಲೇಜುಗಳ ಕ್ರೀಡಾ ಕೂಟವದಲ್ಲಿ ಭಾಗವಹಿಸಿದ ಹೆತ್ತೂರು ಪಿಯುಕಾಲೇಜಿನ ಸಿಂಚನ್ ವೈಯಕ್ತಿಕ ಚಾಂಪಿಯನ್ ಆಗಿ ಹೊರ ಹೊಮ್ಮಿದ್ದಾರೆ.

ಹೊಂದಿದ್ದಾರೆ. ದೀರ್ಘ ಜಿಗಿತದಲ್ಲಿ, ಎತ್ತರ ಜಿಗಿತ ಹಾಗೂ ಏರಿಸಿ ವಿಶೇಷದಲ್ಲಿ ಪ್ರಥಮ ಸ್ಥಾನ ಪಡೆಯುವುದರ ಮೂಲಕ ಬಾಲಕರಿದ ವಿಭಾಗದಲ್ಲಿ ಚಾಂಪಿಯನ್ ಪ್ರಶಸ್ತಿಯನ್ನು ಗೆದ್ದಿದ್ದಾರೆ.

ಕಾಲೇಜಿನ ಇತರೆ ವಿದ್ಯಾರ್ಥಿಗಳು ಉತ್ತಮ ಸಾಧನೆ ತೋರಿದ್ದು, ಕಾಲೇಜು ಹೆಚ್ಚು ಪ್ರಶಸ್ತಿ ಪಡೆದು ಗೆದ್ದಿತು. 3000, 1500 ಮೀಟರ್ ಓಟದಲ್ಲಿ ಪ್ರಥಮ, ಉಪ್ಪು ಜಿಗಿತ ದ್ವಿತೀಯ, ಬಾಲಕ ವಿಭಾಗದಲ್ಲಿ 4X100 ಓಟ ದ್ವಿತೀಯ, ಗುಂಡು ಎಸೆತ ದ್ವಿತೀಯ ಮತ್ತು ಪ್ರಥಮ, 800 ಮೀಟರ್ ಓಟ ದ್ವಿತೀಯ, 400 ಮೀಟರ್ ಓಟ ತೃತೀಯ, 100 ಮೀಟರ್ ಓಟ ತೃತೀಯ, 400 ಮೀಟರ್ ಓಟ ದ್ವಿತೀಯ, ಬಾಲಕಿಯರ ವಿಭಾಗದಲ್ಲಿ ದ್ವಿತೀಯ, ಚಿನ್ನಾಟದಲ್ಲಿ ದ್ವಿತೀಯ ಸ್ಥಾನವನ್ನು ಗಳಿಸಿದ್ದಾರೆ. ಕಾಲೇಜಿನ ಪ್ರಾಂಶುಪಾಲರಾದ ಹಾಗೂ ದೈಹಿಕ ಶಿಕ್ಷಣ ಶಿಕ್ಷಕರಾದ ಸಿಬ್ಬಂದಿ ಹಾರೈಸಿದರು.

Printed , Published & Owned by VENKATESH.B.S and Printed at Honalu Graphics, Ward No.2, Ashoka Road, Behind Stadium, Satyamangala Village, Vidayanagar, Hassan District, Karnataka-573201 and Published
at House No.155, Ward No.13, Laksmi Nilaya, Vidyuth Nagara , Opposite MCE College, Salagame Road, Hassan-573201, Karnataka. VENKATESH.B.S Mob-7899533643
